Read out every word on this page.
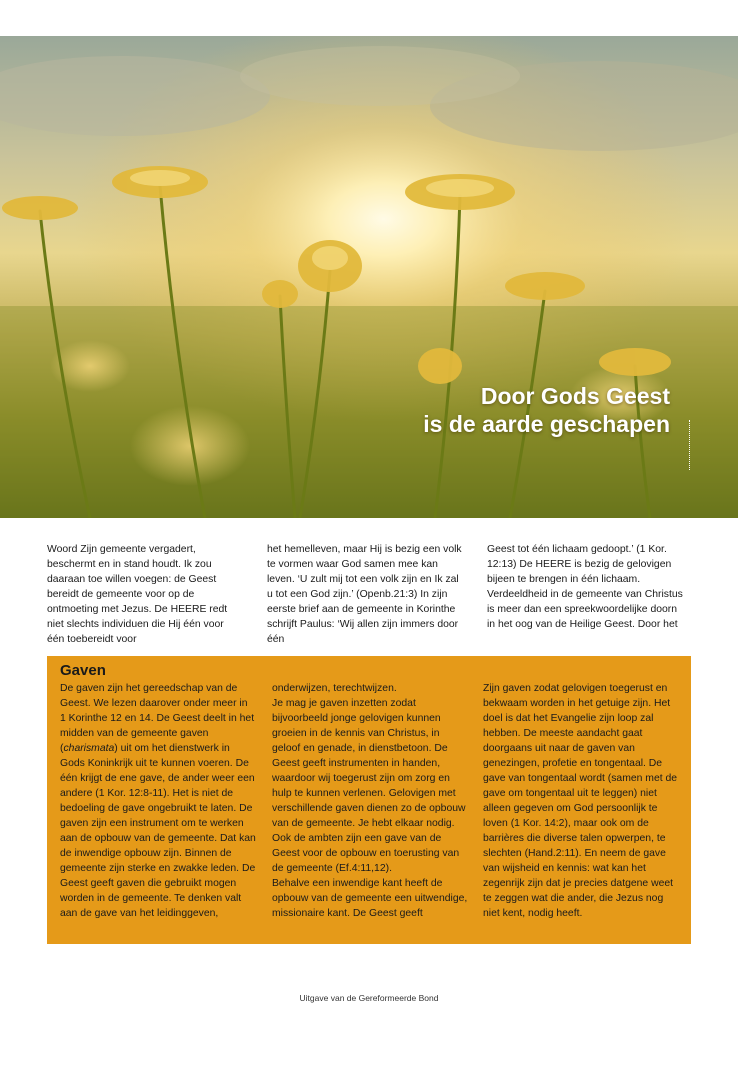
Door Gods Geest
is de aarde geschapen

Woord Zijn gemeente vergadert, beschermt en in stand houdt. Ik zou daaraan toe willen voegen: de Geest bereidt de gemeente voor op de ontmoeting met Jezus. De HEERE redt niet slechts individuen die Hij één voor één toebereidt voor

het hemelleven, maar Hij is bezig een volk te vormen waar God samen mee kan leven. ‘U zult mij tot een volk zijn en Ik zal u tot een God zijn.’ (Openb.21:3) In zijn eerste brief aan de gemeente in Korinthe schrijft Paulus: ‘Wij allen zijn immers door één

Geest tot één lichaam gedoopt.’ (1 Kor. 12:13) De HEERE is bezig de gelovigen bijeen te brengen in één lichaam. Verdeeldheid in de gemeente van Christus is meer dan een spreekwoordelijke doorn in het oog van de Heilige Geest. Door het

Gaven

De gaven zijn het gereedschap van de Geest. We lezen daarover onder meer in 1 Korinthe 12 en 14. De Geest deelt in het midden van de gemeente gaven (charismata) uit om het dienstwerk in Gods Koninkrijk uit te kunnen voeren. De één krijgt de ene gave, de ander weer een andere (1 Kor. 12:8-11). Het is niet de bedoeling de gave ongebruikt te laten. De gaven zijn een instrument om te werken aan de opbouw van de gemeente. Dat kan de inwendige opbouw zijn. Binnen de gemeente zijn sterke en zwakke leden. De Geest geeft gaven die gebruikt mogen worden in de gemeente. Te denken valt aan de gave van het leidinggeven,

onderwijzen, terechtwijzen.

Je mag je gaven inzetten zodat bijvoorbeeld jonge gelovigen kunnen groeien in de kennis van Christus, in geloof en genade, in dienstbetoon. De Geest geeft instrumenten in handen, waardoor wij toegerust zijn om zorg en hulp te kunnen verlenen. Gelovigen met verschillende gaven dienen zo de opbouw van de gemeente. Je hebt elkaar nodig. Ook de ambten zijn een gave van de Geest voor de opbouw en toerusting van de gemeente (Ef.4:11,12).

Behalve een inwendige kant heeft de opbouw van de gemeente een uitwendige, missionaire kant. De Geest geeft

Zijn gaven zodat gelovigen toegerust en bekwaam worden in het getuige zijn. Het doel is dat het Evangelie zijn loop zal hebben. De meeste aandacht gaat doorgaans uit naar de gaven van genezingen, profetie en tongentaal. De gave van tongentaal wordt (samen met de gave om tongentaal uit te leggen) niet alleen gegeven om God persoonlijk te loven (1 Kor. 14:2), maar ook om de barrières die diverse talen opwerpen, te slechten (Hand.2:11). En neem de gave van wijsheid en kennis: wat kan het zegenrijk zijn dat je precies datgene weet te zeggen wat die ander, die Jezus nog niet kent, nodig heeft.

Uitgave van de Gereformeerde Bond
